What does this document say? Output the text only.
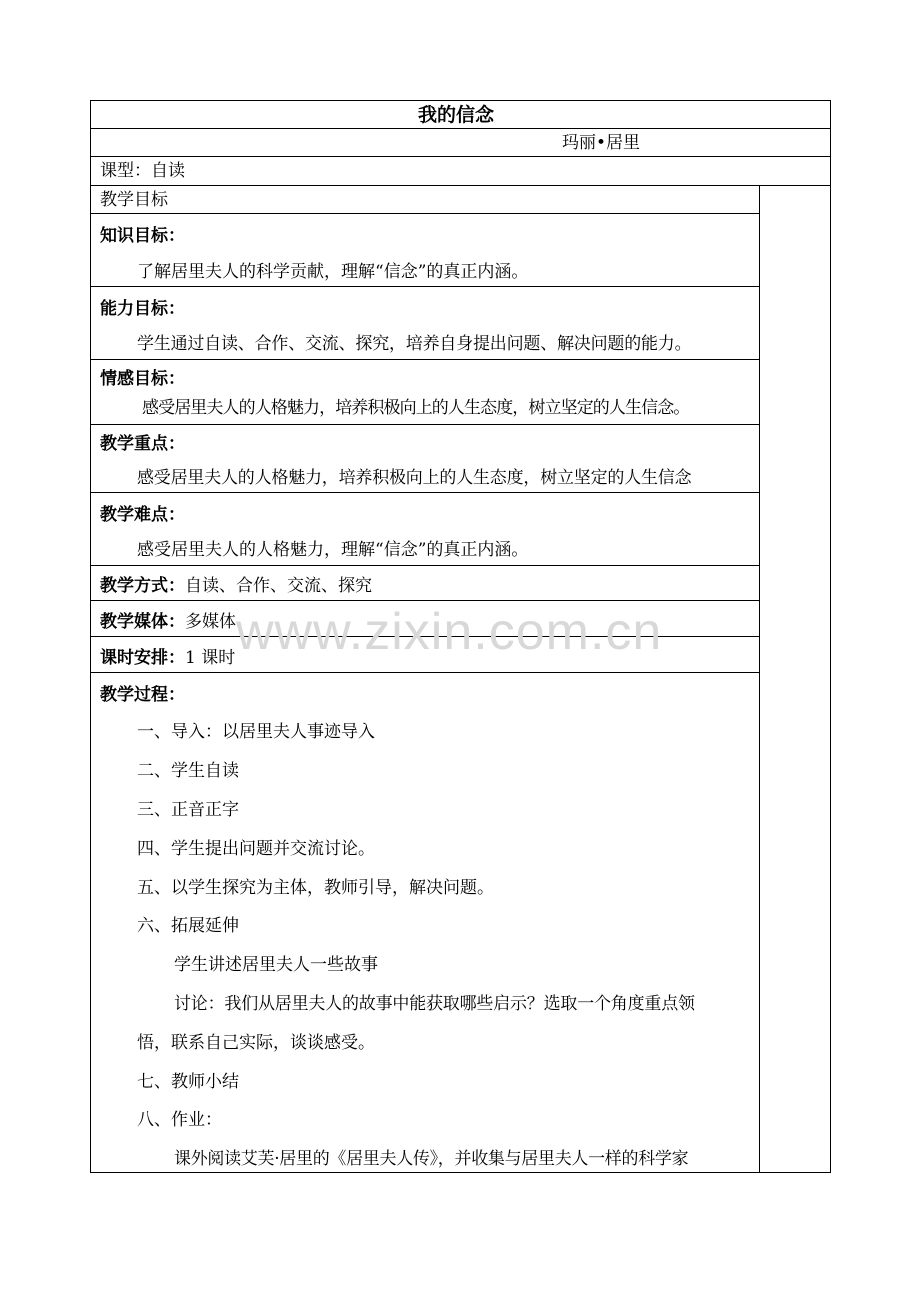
我的信念
玛丽•居里
课型：自读
教学目标
知识目标：
了解居里夫人的科学贡献，理解“信念”的真正内涵。
能力目标：
学生通过自读、合作、交流、探究，培养自身提出问题、解决问题的能力。
情感目标：
感受居里夫人的人格魅力，培养积极向上的人生态度，树立坚定的人生信念。
教学重点：
感受居里夫人的人格魅力，培养积极向上的人生态度，树立坚定的人生信念
教学难点：
感受居里夫人的人格魅力，理解“信念”的真正内涵。
教学方式：自读、合作、交流、探究
教学媒体：多媒体
课时安排：1 课时
教学过程：
一、导入：以居里夫人事迹导入
二、学生自读
三、正音正字
四、学生提出问题并交流讨论。
五、以学生探究为主体，教师引导，解决问题。
六、拓展延伸
学生讲述居里夫人一些故事
讨论：我们从居里夫人的故事中能获取哪些启示？选取一个角度重点领
悟，联系自己实际，谈谈感受。
七、教师小结
八、作业：
课外阅读艾芙·居里的《居里夫人传》，并收集与居里夫人一样的科学家
www.zixin.com.cn
